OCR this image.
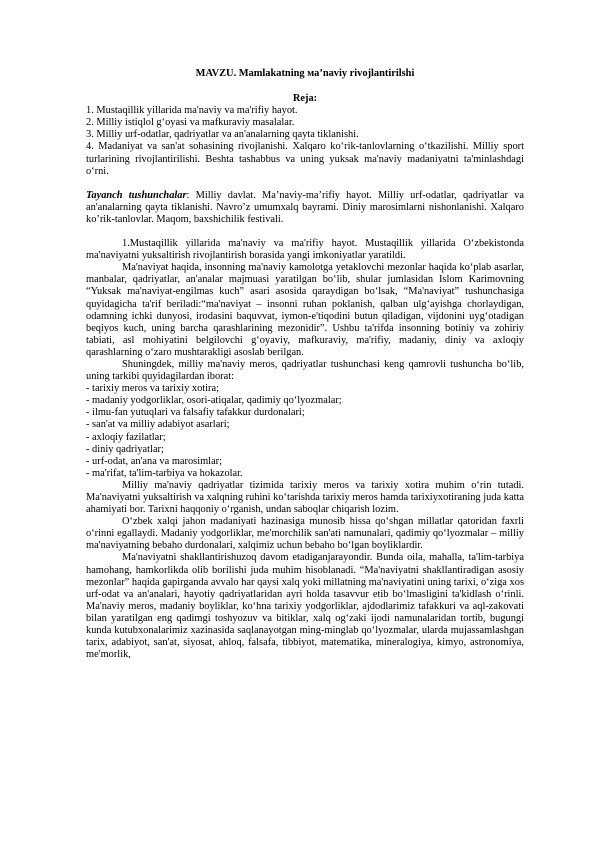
MAVZU. Mamlakatning маʼnaviy rivojlantirilshi
Reja:
1. Mustaqillik yillarida ma'naviy va ma'rifiy hayot.
2. Milliy istiqlol g‘oyasi va mafkuraviy masalalar.
3. Milliy urf-odatlar, qadriyatlar va an'analarning qayta tiklanishi.
4. Madaniyat va san'at sohasining rivojlanishi. Xalqaro ko‘rik-tanlovlarning o‘tkazilishi. Milliy sport turlarining rivojlantirilishi. Beshta tashabbus va uning yuksak ma'naviy madaniyatni ta'minlashdagi o‘rni.

Tayanch tushunchalar: Milliy davlat. Ma’naviy-ma’rifiy hayot. Milliy urf-odatlar, qadriyatlar va an'analarning qayta tiklanishi. Navro’z umumxalq bayrami. Diniy marosimlarni nishonlanishi. Xalqaro ko’rik-tanlovlar. Maqom, baxshichilik festivali.

1.Mustaqillik yillarida ma'naviy va ma'rifiy hayot. Mustaqillik yillarida O‘zbekistonda ma'naviyatni yuksaltirish rivojlantirish borasida yangi imkoniyatlar yaratildi.

Ma'naviyat haqida, insonning ma'naviy kamolotga yetaklovchi mezonlar haqida ko‘plab asarlar, manbalar, qadriyatlar, an'analar majmuasi yaratilgan bo‘lib, shular jumlasidan Islom Karimovning “Yuksak ma'naviyat-engilmas kuch” asari asosida qaraydigan bo‘lsak, “Ma'naviyat” tushunchasiga quyidagicha ta'rif beriladi:“ma'naviyat – insonni ruhan poklanish, qalban ulg‘ayishga chorlaydigan, odamning ichki dunyosi, irodasini baquvvat, iymon-e'tiqodini butun qiladigan, vijdonini uyg‘otadigan beqiyos kuch, uning barcha qarashlarining mezonidir”. Ushbu ta'rifda insonning botiniy va zohiriy tabiati, asl mohiyatini belgilovchi g‘oyaviy, mafkuraviy, ma'rifiy, madaniy, diniy va axloqiy qarashlarning o‘zaro mushtarakligi asoslab berilgan.

Shuningdek, milliy ma'naviy meros, qadriyatlar tushunchasi keng qamrovli tushuncha bo‘lib, uning tarkibi quyidagilardan iborat:

- tarixiy meros va tarixiy xotira;
- madaniy yodgorliklar, osori-atiqalar, qadimiy qo‘lyozmalar;
- ilmu-fan yutuqlari va falsafiy tafakkur durdonalari;
- san'at va milliy adabiyot asarlari;
- axloqiy fazilatlar;
- diniy qadriyatlar;
- urf-odat, an'ana va marosimlar;
- ma'rifat, ta'lim-tarbiya va hokazolar.

Milliy ma'naviy qadriyatlar tizimida tarixiy meros va tarixiy xotira muhim o‘rin tutadi. Ma'naviyatni yuksaltirish va xalqning ruhini ko‘tarishda tarixiy meros hamda tarixiyxotiraning juda katta ahamiyati bor. Tarixni haqqoniy o‘rganish, undan saboqlar chiqarish lozim.

O‘zbek xalqi jahon madaniyati hazinasiga munosib hissa qo‘shgan millatlar qatoridan faxrli o‘rinni egallaydi. Madaniy yodgorliklar, me'morchilik san'ati namunalari, qadimiy qo‘lyozmalar – milliy ma'naviyatning bebaho durdonalari, xalqimiz uchun bebaho bo‘lgan boyliklardir.

Ma'naviyatni shakllantirishuzoq davom etadiganjarayondir. Bunda oila, mahalla, ta'lim-tarbiya hamohang, hamkorlikda olib borilishi juda muhim hisoblanadi. “Ma'naviyatni shakllantiradigan asosiy mezonlar” haqida gapirganda avvalo har qaysi xalq yoki millatning ma'naviyatini uning tarixi, o‘ziga xos urf-odat va an'analari, hayotiy qadriyatlaridan ayri holda tasavvur etib bo‘lmasligini ta'kidlash o‘rinli. Ma'naviy meros, madaniy boyliklar, ko‘hna tarixiy yodgorliklar, ajdodlarimiz tafakkuri va aql-zakovati bilan yaratilgan eng qadimgi toshyozuv va bitiklar, xalq og‘zaki ijodi namunalaridan tortib, bugungi kunda kutubxonalarimiz xazinasida saqlanayotgan ming-minglab qo‘lyozmalar, ularda mujassamlashgan tarix, adabiyot, san'at, siyosat, ahloq, falsafa, tibbiyot, matematika, mineralogiya, kimyo, astronomiya, me'morlik,
